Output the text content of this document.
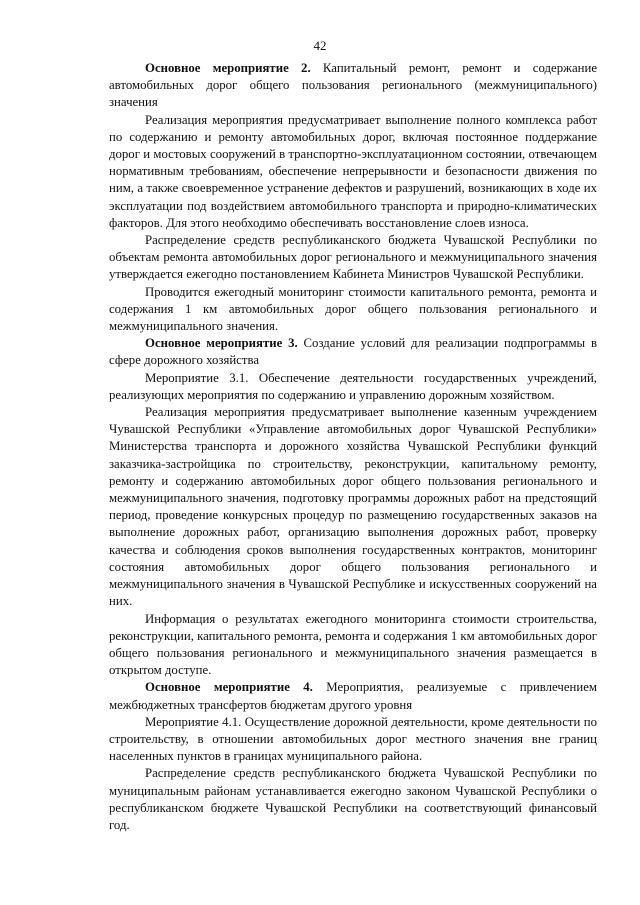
42

Основное мероприятие 2. Капитальный ремонт, ремонт и содержание автомобильных дорог общего пользования регионального (межмуниципального) значения

Реализация мероприятия предусматривает выполнение полного комплекса работ по содержанию и ремонту автомобильных дорог, включая постоянное поддержание дорог и мостовых сооружений в транспортно-эксплуатационном состоянии, отвечающем нормативным требованиям, обеспечение непрерывности и безопасности движения по ним, а также своевременное устранение дефектов и разрушений, возникающих в ходе их эксплуатации под воздействием автомобильного транспорта и природно-климатических факторов. Для этого необходимо обеспечивать восстановление слоев износа.

Распределение средств республиканского бюджета Чувашской Республики по объектам ремонта автомобильных дорог регионального и межмуниципального значения утверждается ежегодно постановлением Кабинета Министров Чувашской Республики.

Проводится ежегодный мониторинг стоимости капитального ремонта, ремонта и содержания 1 км автомобильных дорог общего пользования регионального и межмуниципального значения.

Основное мероприятие 3. Создание условий для реализации подпрограммы в сфере дорожного хозяйства

Мероприятие 3.1. Обеспечение деятельности государственных учреждений, реализующих мероприятия по содержанию и управлению дорожным хозяйством.

Реализация мероприятия предусматривает выполнение казенным учреждением Чувашской Республики «Управление автомобильных дорог Чувашской Республики» Министерства транспорта и дорожного хозяйства Чувашской Республики функций заказчика-застройщика по строительству, реконструкции, капитальному ремонту, ремонту и содержанию автомобильных дорог общего пользования регионального и межмуниципального значения, подготовку программы дорожных работ на предстоящий период, проведение конкурсных процедур по размещению государственных заказов на выполнение дорожных работ, организацию выполнения дорожных работ, проверку качества и соблюдения сроков выполнения государственных контрактов, мониторинг состояния автомобильных дорог общего пользования регионального и межмуниципального значения в Чувашской Республике и искусственных сооружений на них.

Информация о результатах ежегодного мониторинга стоимости строительства, реконструкции, капитального ремонта, ремонта и содержания 1 км автомобильных дорог общего пользования регионального и межмуниципального значения размещается в открытом доступе.

Основное мероприятие 4. Мероприятия, реализуемые с привлечением межбюджетных трансфертов бюджетам другого уровня

Мероприятие 4.1. Осуществление дорожной деятельности, кроме деятельности по строительству, в отношении автомобильных дорог местного значения вне границ населенных пунктов в границах муниципального района.

Распределение средств республиканского бюджета Чувашской Республики по муниципальным районам устанавливается ежегодно законом Чувашской Республики о республиканском бюджете Чувашской Республики на соответствующий финансовый год.
